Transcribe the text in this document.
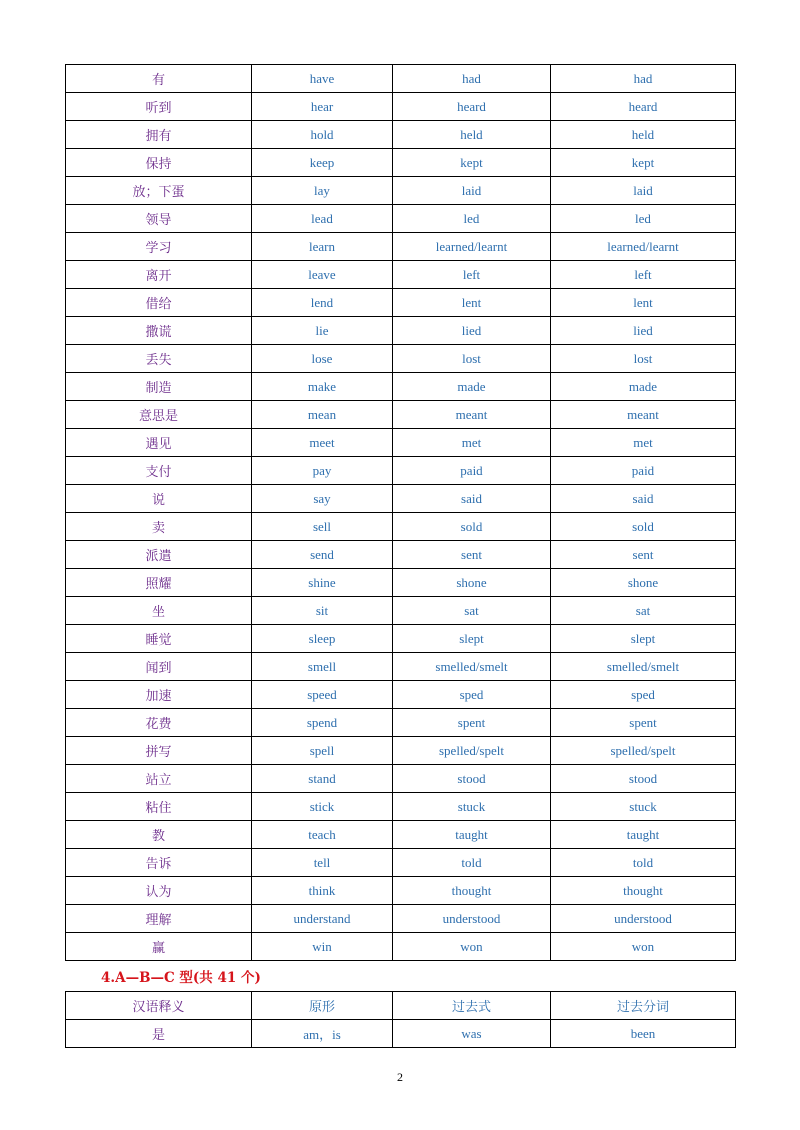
有	have	had	had
听到	hear	heard	heard
拥有	hold	held	held
保持	keep	kept	kept
放；下蛋	lay	laid	laid
领导	lead	led	led
学习	learn	learned/learnt	learned/learnt
离开	leave	left	left
借给	lend	lent	lent
撒谎	lie	lied	lied
丢失	lose	lost	lost
制造	make	made	made
意思是	mean	meant	meant
遇见	meet	met	met
支付	pay	paid	paid
说	say	said	said
卖	sell	sold	sold
派遣	send	sent	sent
照耀	shine	shone	shone
坐	sit	sat	sat
睡觉	sleep	slept	slept
闻到	smell	smelled/smelt	smelled/smelt
加速	speed	sped	sped
花费	spend	spent	spent
拼写	spell	spelled/spelt	spelled/spelt
站立	stand	stood	stood
粘住	stick	stuck	stuck
教	teach	taught	taught
告诉	tell	told	told
认为	think	thought	thought
理解	understand	understood	understood
赢	win	won	won
4.A—B—C 型(共 41 个)
汉语释义	原形	过去式	过去分词
是	am，is	was	been
2
